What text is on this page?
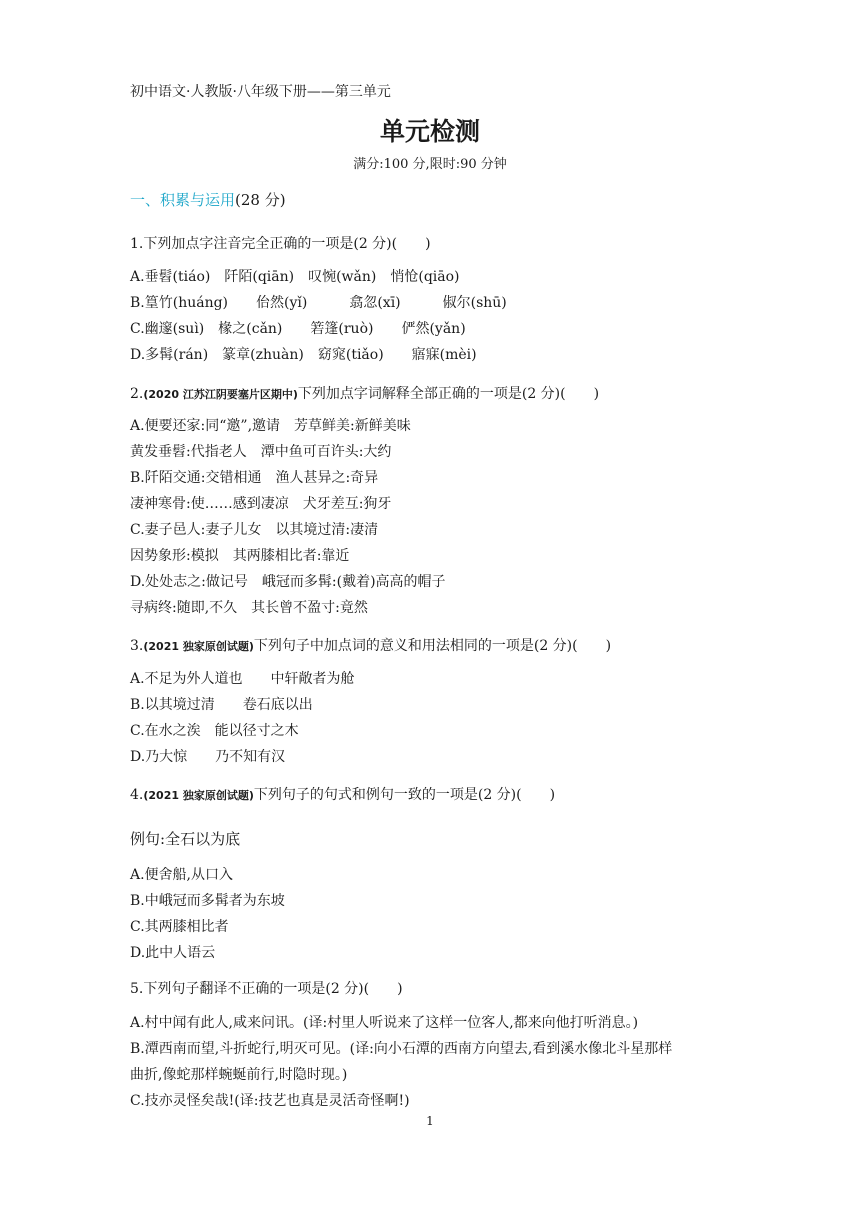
初中语文·人教版·八年级下册——第三单元
单元检测
满分:100 分,限时:90 分钟
一、积累与运用(28 分)
1.下列加点字注音完全正确的一项是(2 分)(　　)
A.垂髫(tiáo)　阡陌(qiān)　叹惋(wǎn)　悄怆(qiāo)
B.篁竹(huáng)　　佁然(yǐ)　　　翕忽(xī)　　　俶尔(shū)
C.幽邃(suì)　椽之(cǎn)　　箬篷(ruò)　　俨然(yǎn)
D.多髯(rán)　篆章(zhuàn)　窈窕(tiǎo)　　寤寐(mèi)
2.(2020 江苏江阴要塞片区期中)下列加点字词解释全部正确的一项是(2 分)(　　)
A.便要还家:同“邀”,邀请　芳草鲜美:新鲜美味
黄发垂髫:代指老人　潭中鱼可百许头:大约
B.阡陌交通:交错相通　渔人甚异之:奇异
凄神寒骨:使……感到凄凉　犬牙差互:狗牙
C.妻子邑人:妻子儿女　以其境过清:凄清
因势象形:模拟　其两膝相比者:靠近
D.处处志之:做记号　峨冠而多髯:(戴着)高高的帽子
寻病终:随即,不久　其长曾不盈寸:竟然
3.(2021 独家原创试题)下列句子中加点词的意义和用法相同的一项是(2 分)(　　)
A.不足为外人道也　　中轩敞者为舱
B.以其境过清　　卷石底以出
C.在水之涘　能以径寸之木
D.乃大惊　　乃不知有汉
4.(2021 独家原创试题)下列句子的句式和例句一致的一项是(2 分)(　　)
例句:全石以为底
A.便舍船,从口入
B.中峨冠而多髯者为东坡
C.其两膝相比者
D.此中人语云
5.下列句子翻译不正确的一项是(2 分)(　　)
A.村中闻有此人,咸来问讯。(译:村里人听说来了这样一位客人,都来向他打听消息。)
B.潭西南而望,斗折蛇行,明灭可见。(译:向小石潭的西南方向望去,看到溪水像北斗星那样
曲折,像蛇那样蜿蜒前行,时隐时现。)
C.技亦灵怪矣哉!(译:技艺也真是灵活奇怪啊!)
1
